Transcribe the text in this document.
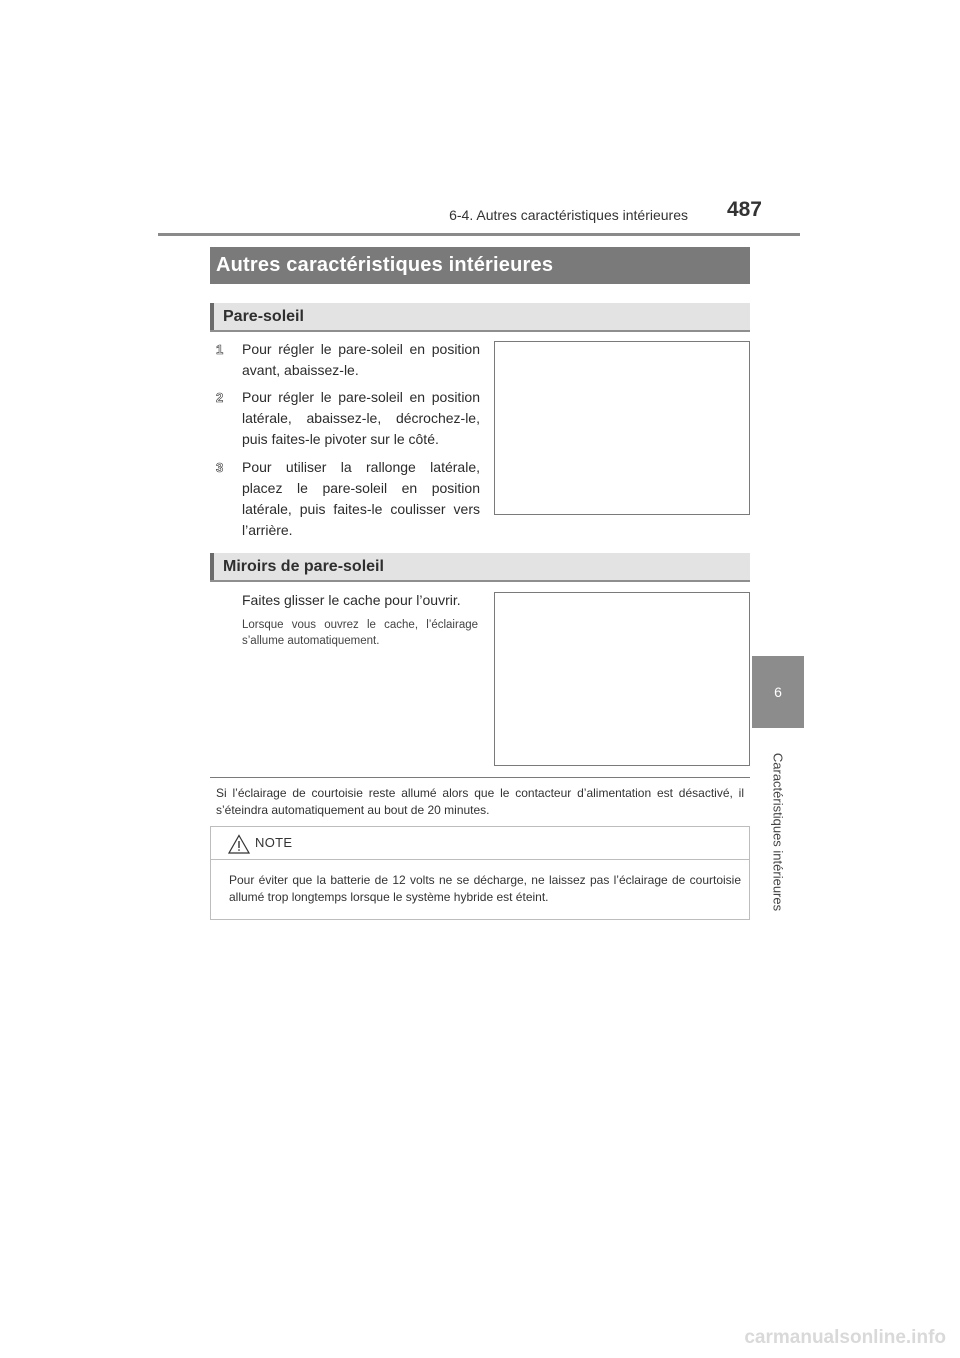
6-4. Autres caractéristiques intérieures	487
6
Caractéristiques intérieures
Autres caractéristiques intérieures
Pare-soleil
1	Pour régler le pare-soleil en position avant, abaissez-le.
2	Pour régler le pare-soleil en position latérale, abaissez-le, décrochez-le, puis faites-le pivoter sur le côté.
3	Pour utiliser la rallonge latérale, placez le pare-soleil en position latérale, puis faites-le coulisser vers l’arrière.
Miroirs de pare-soleil
Faites glisser le cache pour l’ouvrir.
Lorsque vous ouvrez le cache, l’éclairage s’allume automatiquement.
Si l’éclairage de courtoisie reste allumé alors que le contacteur d’alimentation est désactivé, il s’éteindra automatiquement au bout de 20 minutes.
NOTE
Pour éviter que la batterie de 12 volts ne se décharge, ne laissez pas l’éclairage de courtoisie allumé trop longtemps lorsque le système hybride est éteint.
carmanualsonline.info
